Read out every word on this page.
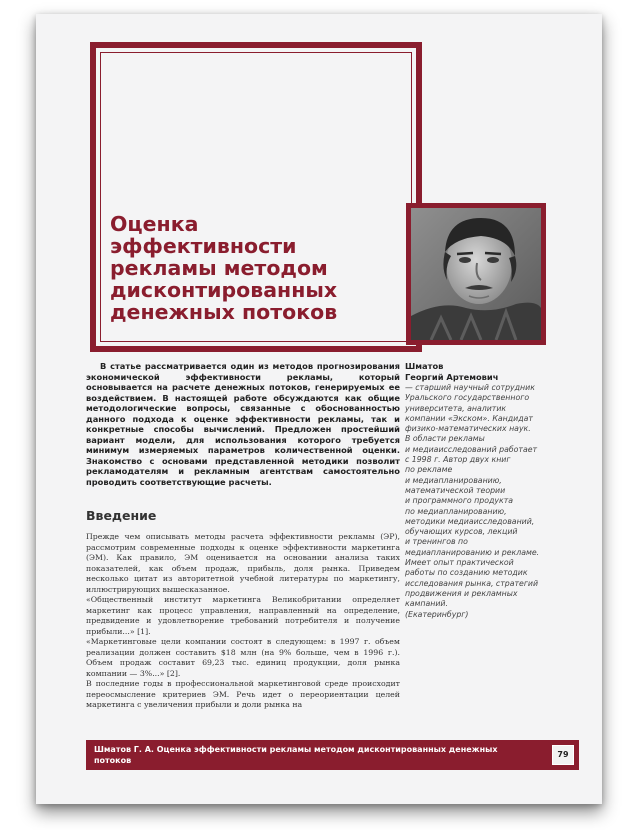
Оценка
эффективности
рекламы методом
дисконтированных
денежных потоков
В статье рассматривается один из методов прогнозирования экономической эффективности рекламы, который основывается на расчете денежных потоков, генерируемых ее воздействием. В настоящей работе обсуждаются как общие методологические вопросы, связанные с обоснованностью данного подхода к оценке эффективности рекламы, так и конкретные способы вычислений. Предложен простейший вариант модели, для использования которого требуется минимум измеряемых параметров количественной оценки. Знакомство с основами представленной методики позволит рекламодателям и рекламным агентствам самостоятельно проводить соответствующие расчеты.
Введение

Прежде чем описывать методы расчета эффективности рекламы (ЭР), рассмотрим современные подходы к оценке эффективности маркетинга (ЭМ). Как правило, ЭМ оценивается на основании анализа таких показателей, как объем продаж, прибыль, доля рынка. Приведем несколько цитат из авторитетной учебной литературы по маркетингу, иллюстрирующих вышесказанное.

«Общественный институт маркетинга Великобритании определяет маркетинг как процесс управления, направленный на определение, предвидение и удовлетворение требований потребителя и получение прибыли...» [1].

«Маркетинговые цели компании состоят в следующем: в 1997 г. объем реализации должен составить $18 млн (на 9% больше, чем в 1996 г.). Объем продаж составит 69,23 тыс. единиц продукции, доля рынка компании — 3%...» [2].

В последние годы в профессиональной маркетинговой среде происходит переосмысление критериев ЭМ. Речь идет о переориентации целей маркетинга с увеличения прибыли и доли рынка на

Шматов
Георгий Артемович
— старший научный сотрудник
Уральского государственного
университета, аналитик
компании «Экском». Кандидат
физико-математических наук.
В области рекламы
и медиаисследований работает
с 1998 г. Автор двух книг
по рекламе
и медиапланированию,
математической теории
и программного продукта
по медиапланированию,
методики медиаисследований,
обучающих курсов, лекций
и тренингов по
медиапланированию и рекламе.
Имеет опыт практической
работы по созданию методик
исследования рынка, стратегий
продвижения и рекламных
кампаний.
(Екатеринбург)
Шматов Г. А. Оценка эффективности рекламы методом дисконтированных денежных потоков
79
